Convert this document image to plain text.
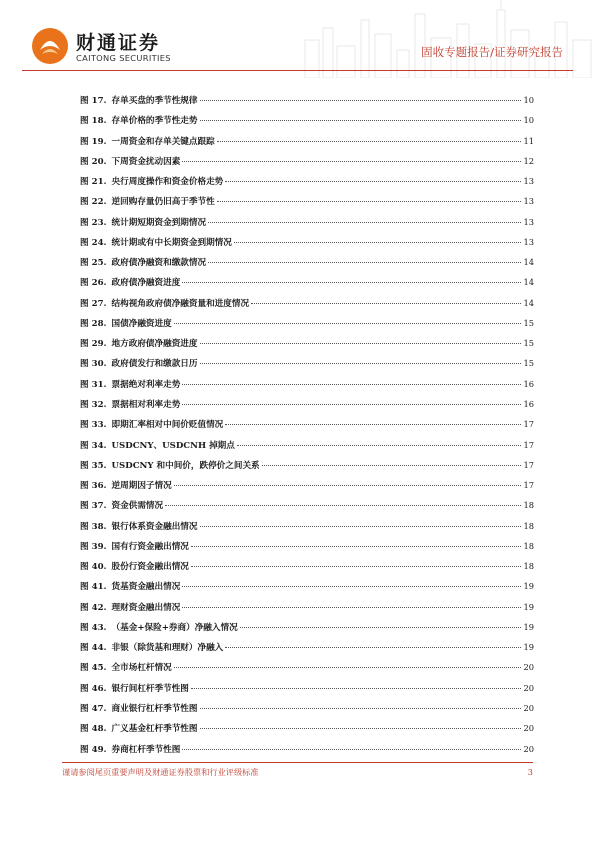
财通证券
CAITONG SECURITIES	固收专题报告/证券研究报告
图 17. 存单买盘的季节性规律	10
图 18. 存单价格的季节性走势	10
图 19. 一周资金和存单关键点跟踪	11
图 20. 下周资金扰动因素	12
图 21. 央行周度操作和资金价格走势	13
图 22. 逆回购存量仍旧高于季节性	13
图 23. 统计期短期资金到期情况	13
图 24. 统计期或有中长期资金到期情况	13
图 25. 政府债净融资和缴款情况	14
图 26. 政府债净融资进度	14
图 27. 结构视角政府债净融资量和进度情况	14
图 28. 国债净融资进度	15
图 29. 地方政府债净融资进度	15
图 30. 政府债发行和缴款日历	15
图 31. 票据绝对利率走势	16
图 32. 票据相对利率走势	16
图 33. 即期汇率相对中间价贬值情况	17
图 34. USDCNY、USDCNH 掉期点	17
图 35. USDCNY 和中间价，跌停价之间关系	17
图 36. 逆周期因子情况	17
图 37. 资金供需情况	18
图 38. 银行体系资金融出情况	18
图 39. 国有行资金融出情况	18
图 40. 股份行资金融出情况	18
图 41. 货基资金融出情况	19
图 42. 理财资金融出情况	19
图 43. （基金+保险+券商）净融入情况	19
图 44. 非银（除货基和理财）净融入	19
图 45. 全市场杠杆情况	20
图 46. 银行间杠杆季节性图	20
图 47. 商业银行杠杆季节性图	20
图 48. 广义基金杠杆季节性图	20
图 49. 券商杠杆季节性图	20
谨请参阅尾页重要声明及财通证券股票和行业评级标准	3
